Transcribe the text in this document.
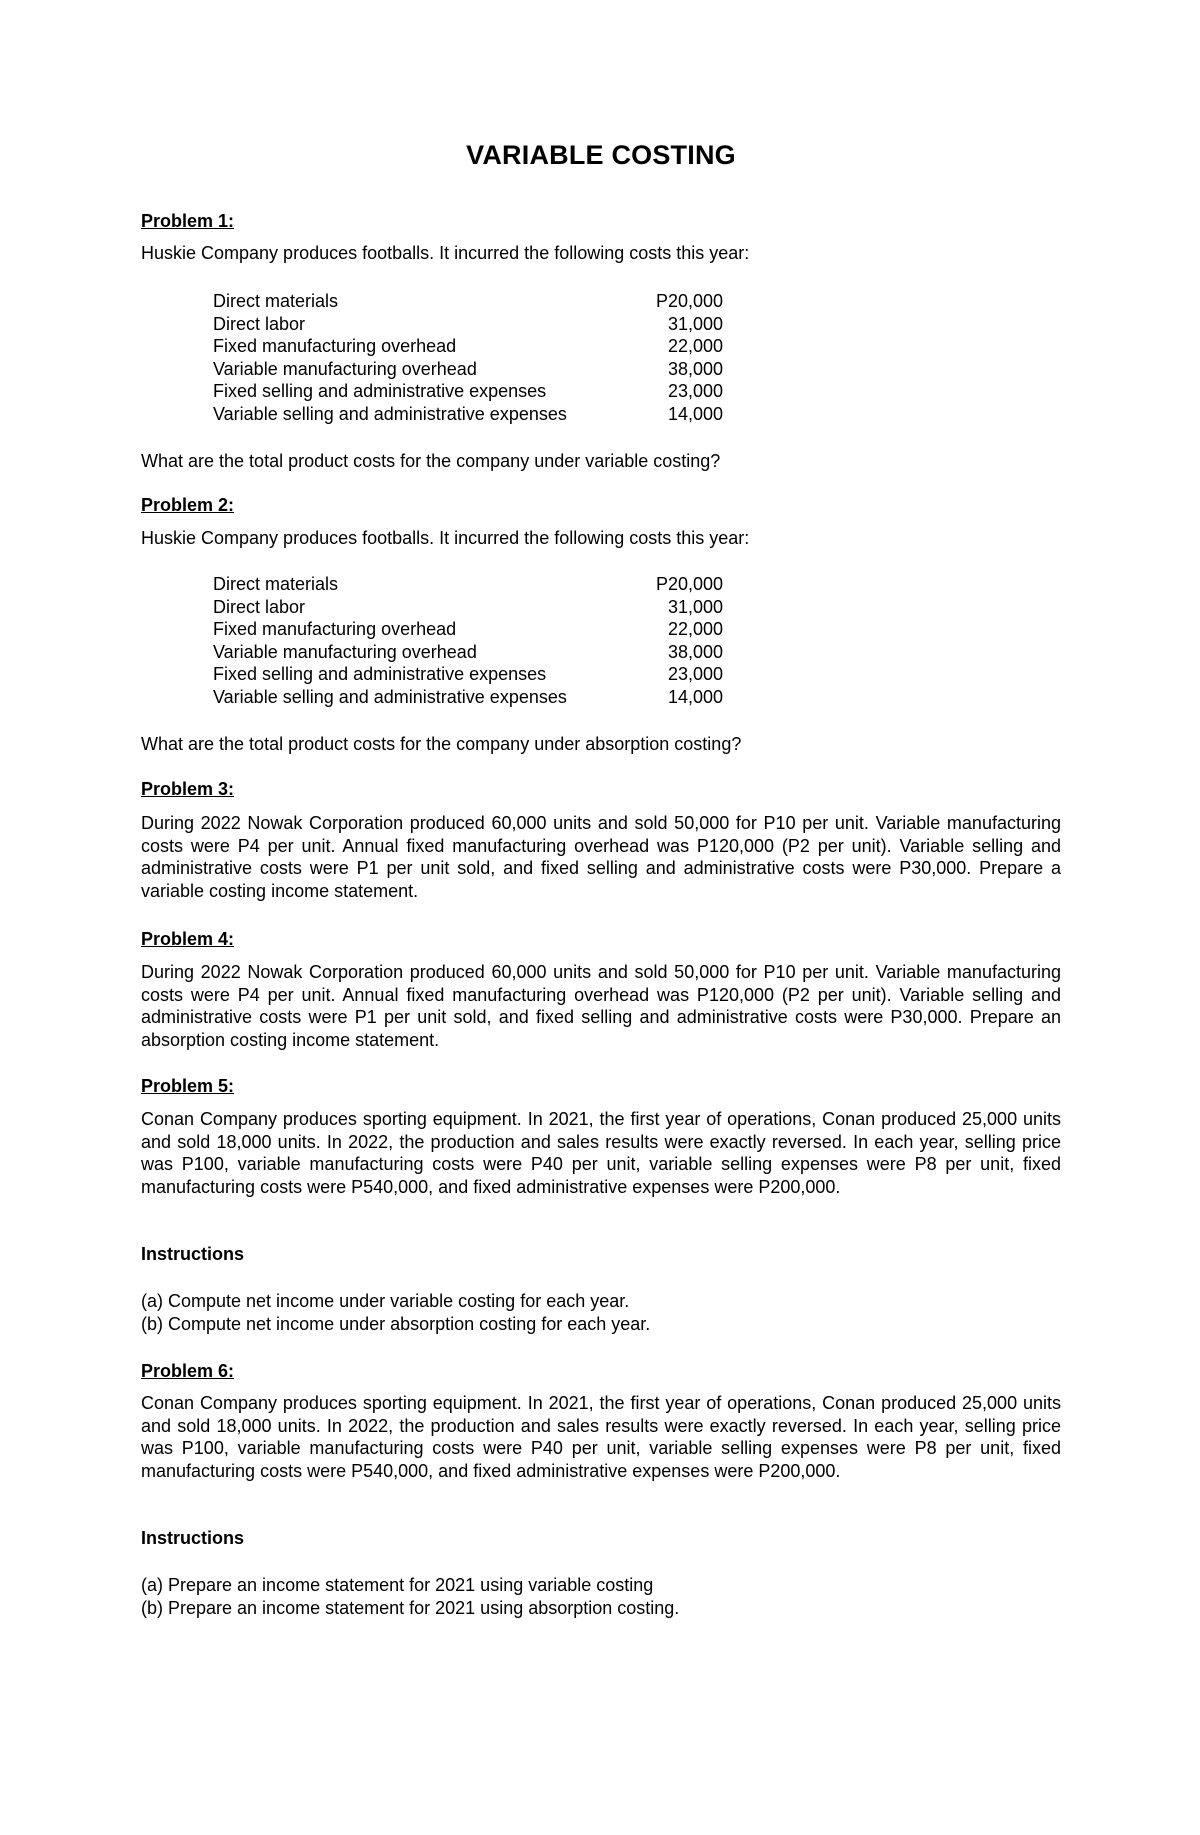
VARIABLE COSTING
Problem 1:

Huskie Company produces footballs. It incurred the following costs this year:

Direct materials	P20,000
Direct labor	31,000
Fixed manufacturing overhead	22,000
Variable manufacturing overhead	38,000
Fixed selling and administrative expenses	23,000
Variable selling and administrative expenses	14,000

What are the total product costs for the company under variable costing?

Problem 2:

Huskie Company produces footballs. It incurred the following costs this year:

Direct materials	P20,000
Direct labor	31,000
Fixed manufacturing overhead	22,000
Variable manufacturing overhead	38,000
Fixed selling and administrative expenses	23,000
Variable selling and administrative expenses	14,000

What are the total product costs for the company under absorption costing?

Problem 3:

During 2022 Nowak Corporation produced 60,000 units and sold 50,000 for P10 per unit. Variable manufacturing costs were P4 per unit. Annual fixed manufacturing overhead was P120,000 (P2 per unit). Variable selling and administrative costs were P1 per unit sold, and fixed selling and administrative costs were P30,000. Prepare a variable costing income statement.

Problem 4:

During 2022 Nowak Corporation produced 60,000 units and sold 50,000 for P10 per unit. Variable manufacturing costs were P4 per unit. Annual fixed manufacturing overhead was P120,000 (P2 per unit). Variable selling and administrative costs were P1 per unit sold, and fixed selling and administrative costs were P30,000. Prepare an absorption costing income statement.

Problem 5:

Conan Company produces sporting equipment. In 2021, the first year of operations, Conan produced 25,000 units and sold 18,000 units. In 2022, the production and sales results were exactly reversed. In each year, selling price was P100, variable manufacturing costs were P40 per unit, variable selling expenses were P8 per unit, fixed manufacturing costs were P540,000, and fixed administrative expenses were P200,000.

Instructions
(a) Compute net income under variable costing for each year.
(b) Compute net income under absorption costing for each year.
Problem 6:

Conan Company produces sporting equipment. In 2021, the first year of operations, Conan produced 25,000 units and sold 18,000 units. In 2022, the production and sales results were exactly reversed. In each year, selling price was P100, variable manufacturing costs were P40 per unit, variable selling expenses were P8 per unit, fixed manufacturing costs were P540,000, and fixed administrative expenses were P200,000.

Instructions
(a) Prepare an income statement for 2021 using variable costing
(b) Prepare an income statement for 2021 using absorption costing.
